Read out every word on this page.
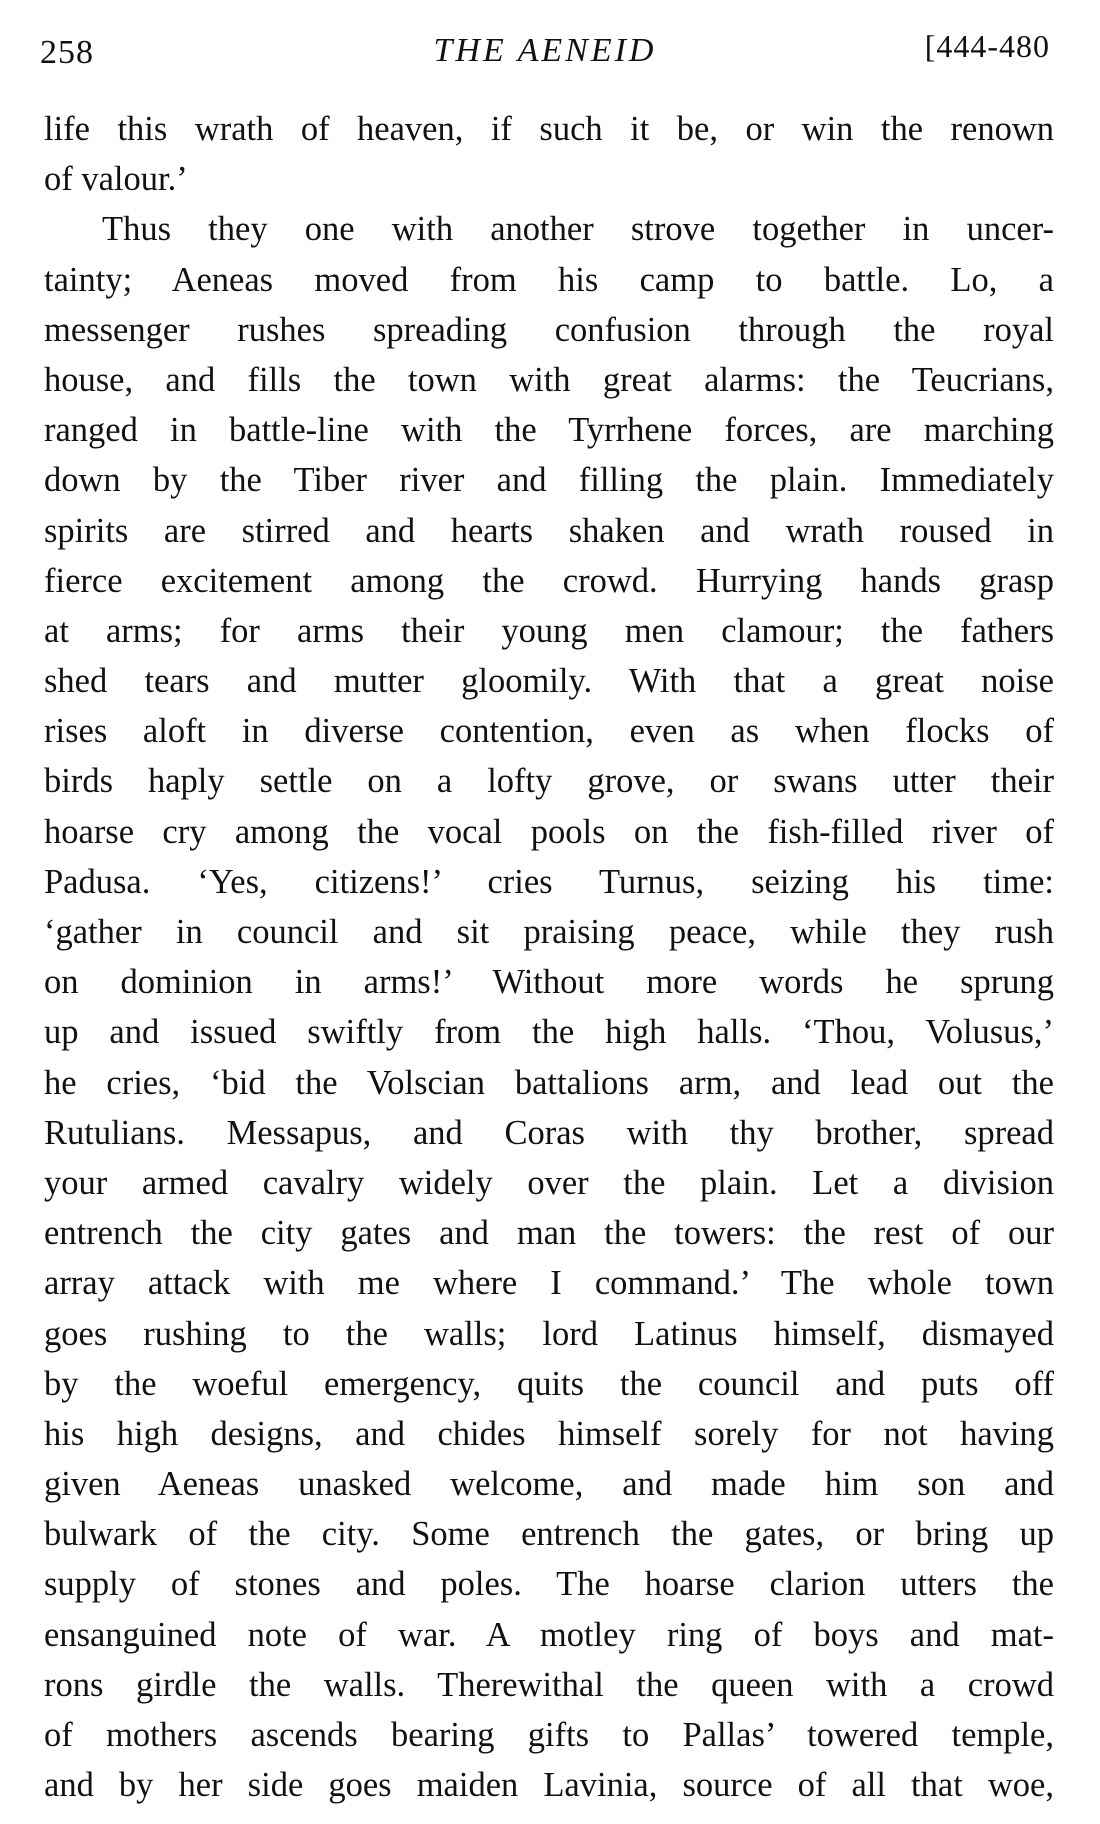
258	THE AENEID	[444-480
life this wrath of heaven, if such it be, or win the renown
of valour.’
Thus they one with another strove together in uncer-
tainty; Aeneas moved from his camp to battle. Lo, a
messenger rushes spreading confusion through the royal
house, and fills the town with great alarms: the Teucrians,
ranged in battle-line with the Tyrrhene forces, are marching
down by the Tiber river and filling the plain. Immediately
spirits are stirred and hearts shaken and wrath roused in
fierce excitement among the crowd. Hurrying hands grasp
at arms; for arms their young men clamour; the fathers
shed tears and mutter gloomily. With that a great noise
rises aloft in diverse contention, even as when flocks of
birds haply settle on a lofty grove, or swans utter their
hoarse cry among the vocal pools on the fish-filled river of
Padusa. ‘Yes, citizens!’ cries Turnus, seizing his time:
‘gather in council and sit praising peace, while they rush
on dominion in arms!’ Without more words he sprung
up and issued swiftly from the high halls. ‘Thou, Volusus,’
he cries, ‘bid the Volscian battalions arm, and lead out the
Rutulians. Messapus, and Coras with thy brother, spread
your armed cavalry widely over the plain. Let a division
entrench the city gates and man the towers: the rest of our
array attack with me where I command.’ The whole town
goes rushing to the walls; lord Latinus himself, dismayed
by the woeful emergency, quits the council and puts off
his high designs, and chides himself sorely for not having
given Aeneas unasked welcome, and made him son and
bulwark of the city. Some entrench the gates, or bring up
supply of stones and poles. The hoarse clarion utters the
ensanguined note of war. A motley ring of boys and mat-
rons girdle the walls. Therewithal the queen with a crowd
of mothers ascends bearing gifts to Pallas’ towered temple,
and by her side goes maiden Lavinia, source of all that woe,
